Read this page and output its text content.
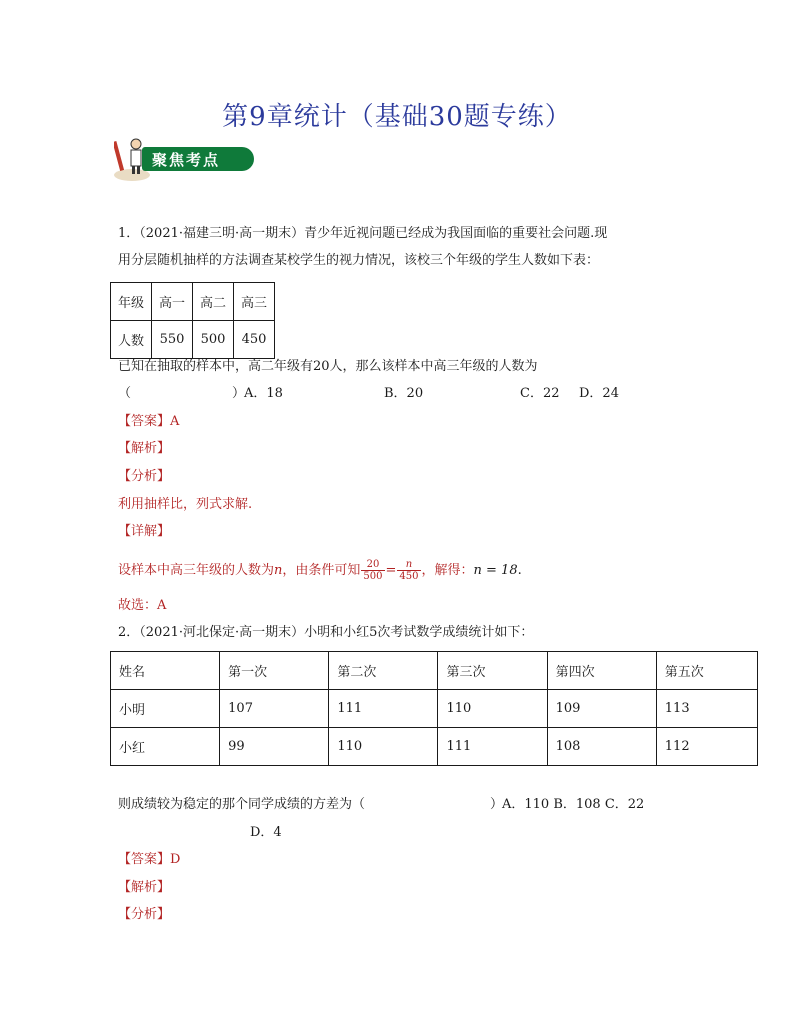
第9章统计（基础30题专练）
聚焦考点
1．（2021·福建三明·高一期末）青少年近视问题已经成为我国面临的重要社会问题.现
用分层随机抽样的方法调查某校学生的视力情况，该校三个年级的学生人数如下表：
年级	高一	高二	高三
人数	550	500	450
已知在抽取的样本中，高二年级有20人，那么该样本中高三年级的人数为
（	）
A．18	B．20	C．22 D．24
【答案】A
【解析】
【分析】
利用抽样比，列式求解.
【详解】
设样本中高三年级的人数为n，由条件可知 $\frac{20}{500} = \frac{n}{450}$ ，解得：n = 18.
故选：A
2．（2021·河北保定·高一期末）小明和小红5次考试数学成绩统计如下：
姓名	第一次	第二次	第三次	第四次	第五次
小明	107	111	110	109	113
小红	99	110	111	108	112
则成绩较为稳定的那个同学成绩的方差为（	）
A．110 B．108 C．22
D．4
【答案】D
【解析】
【分析】
